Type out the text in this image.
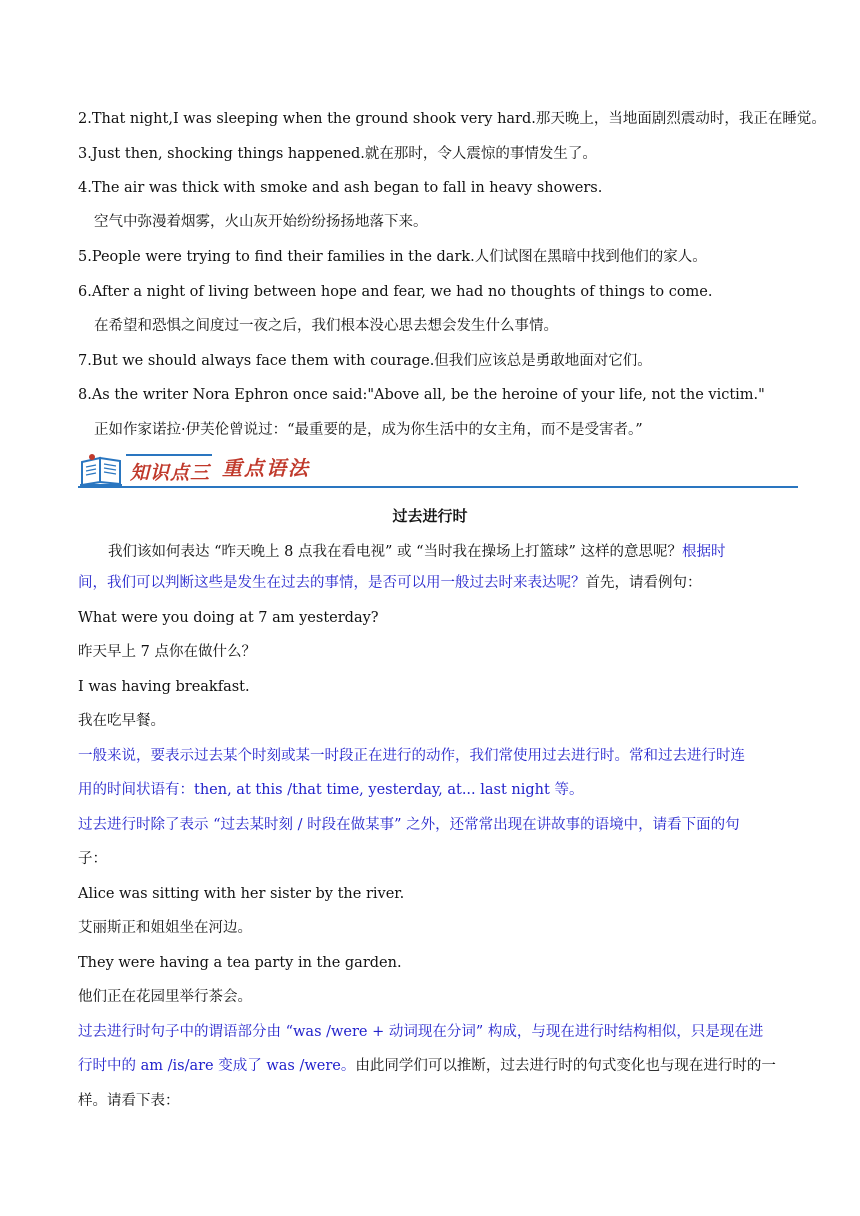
2.That night,I was sleeping when the ground shook very hard.那天晚上，当地面剧烈震动时，我正在睡觉。
3.Just then, shocking things happened.就在那时，令人震惊的事情发生了。
4.The air was thick with smoke and ash began to fall in heavy showers.
空气中弥漫着烟雾，火山灰开始纷纷扬扬地落下来。
5.People were trying to find their families in the dark.人们试图在黑暗中找到他们的家人。
6.After a night of living between hope and fear, we had no thoughts of things to come.
在希望和恐惧之间度过一夜之后，我们根本没心思去想会发生什么事情。
7.But we should always face them with courage.但我们应该总是勇敢地面对它们。
8.As the writer Nora Ephron once said:"Above all, be the heroine of your life, not the victim."
正如作家诺拉·伊芙伦曾说过：“最重要的是，成为你生活中的女主角，而不是受害者。”
知识点三 重点语法
过去进行时
我们该如何表达 “昨天晚上 8 点我在看电视” 或 “当时我在操场上打篮球” 这样的意思呢？根据时
间，我们可以判断这些是发生在过去的事情，是否可以用一般过去时来表达呢？首先，请看例句：
What were you doing at 7 am yesterday?
昨天早上 7 点你在做什么？
I was having breakfast.
我在吃早餐。
一般来说，要表示过去某个时刻或某一时段正在进行的动作，我们常使用过去进行时。常和过去进行时连
用的时间状语有：then, at this /that time, yesterday, at... last night 等。
过去进行时除了表示 “过去某时刻 / 时段在做某事” 之外，还常常出现在讲故事的语境中，请看下面的句
子：
Alice was sitting with her sister by the river.
艾丽斯正和姐姐坐在河边。
They were having a tea party in the garden.
他们正在花园里举行茶会。
过去进行时句子中的谓语部分由 “was /were + 动词现在分词” 构成，与现在进行时结构相似，只是现在进
行时中的 am /is/are 变成了 was /were。由此同学们可以推断，过去进行时的句式变化也与现在进行时的一
样。请看下表：
